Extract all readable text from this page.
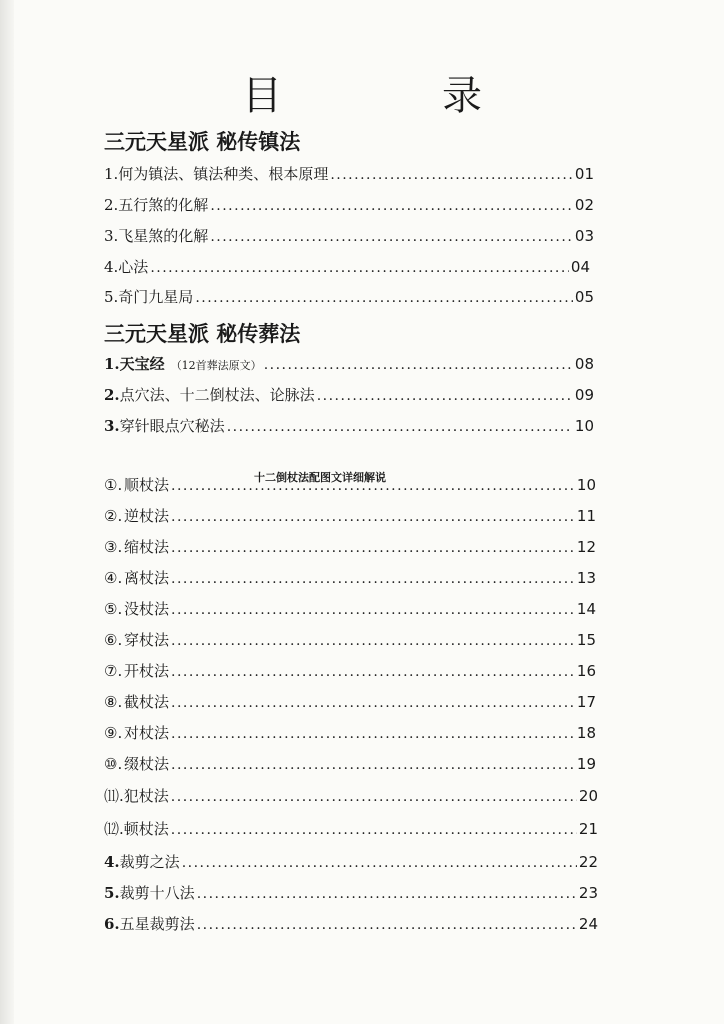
目　录
三元天星派 秘传镇法
1.何为镇法、镇法种类、根本原理 .....	01
2.五行煞的化解 .....	02
3.飞星煞的化解 .....	03
4.心法 .....	04
5.奇门九星局 .....	05
三元天星派 秘传葬法
1. 天宝经 （12首葬法原文） .....	08
2. 点穴法、十二倒杖法、论脉法 .....	09
3. 穿针眼点穴秘法 .....	10
十二倒杖法配图文详细解说
①. 顺杖法 .....	10
②. 逆杖法 .....	11
③. 缩杖法 .....	12
④. 离杖法 .....	13
⑤. 没杖法 .....	14
⑥. 穿杖法 .....	15
⑦. 开杖法 .....	16
⑧. 截杖法 .....	17
⑨. 对杖法 .....	18
⑩. 缀杖法 .....	19
⑾. 犯杖法 .....	20
⑿. 顿杖法 .....	21
4. 裁剪之法 .....	22
5. 裁剪十八法 .....	23
6. 五星裁剪法 .....	24
